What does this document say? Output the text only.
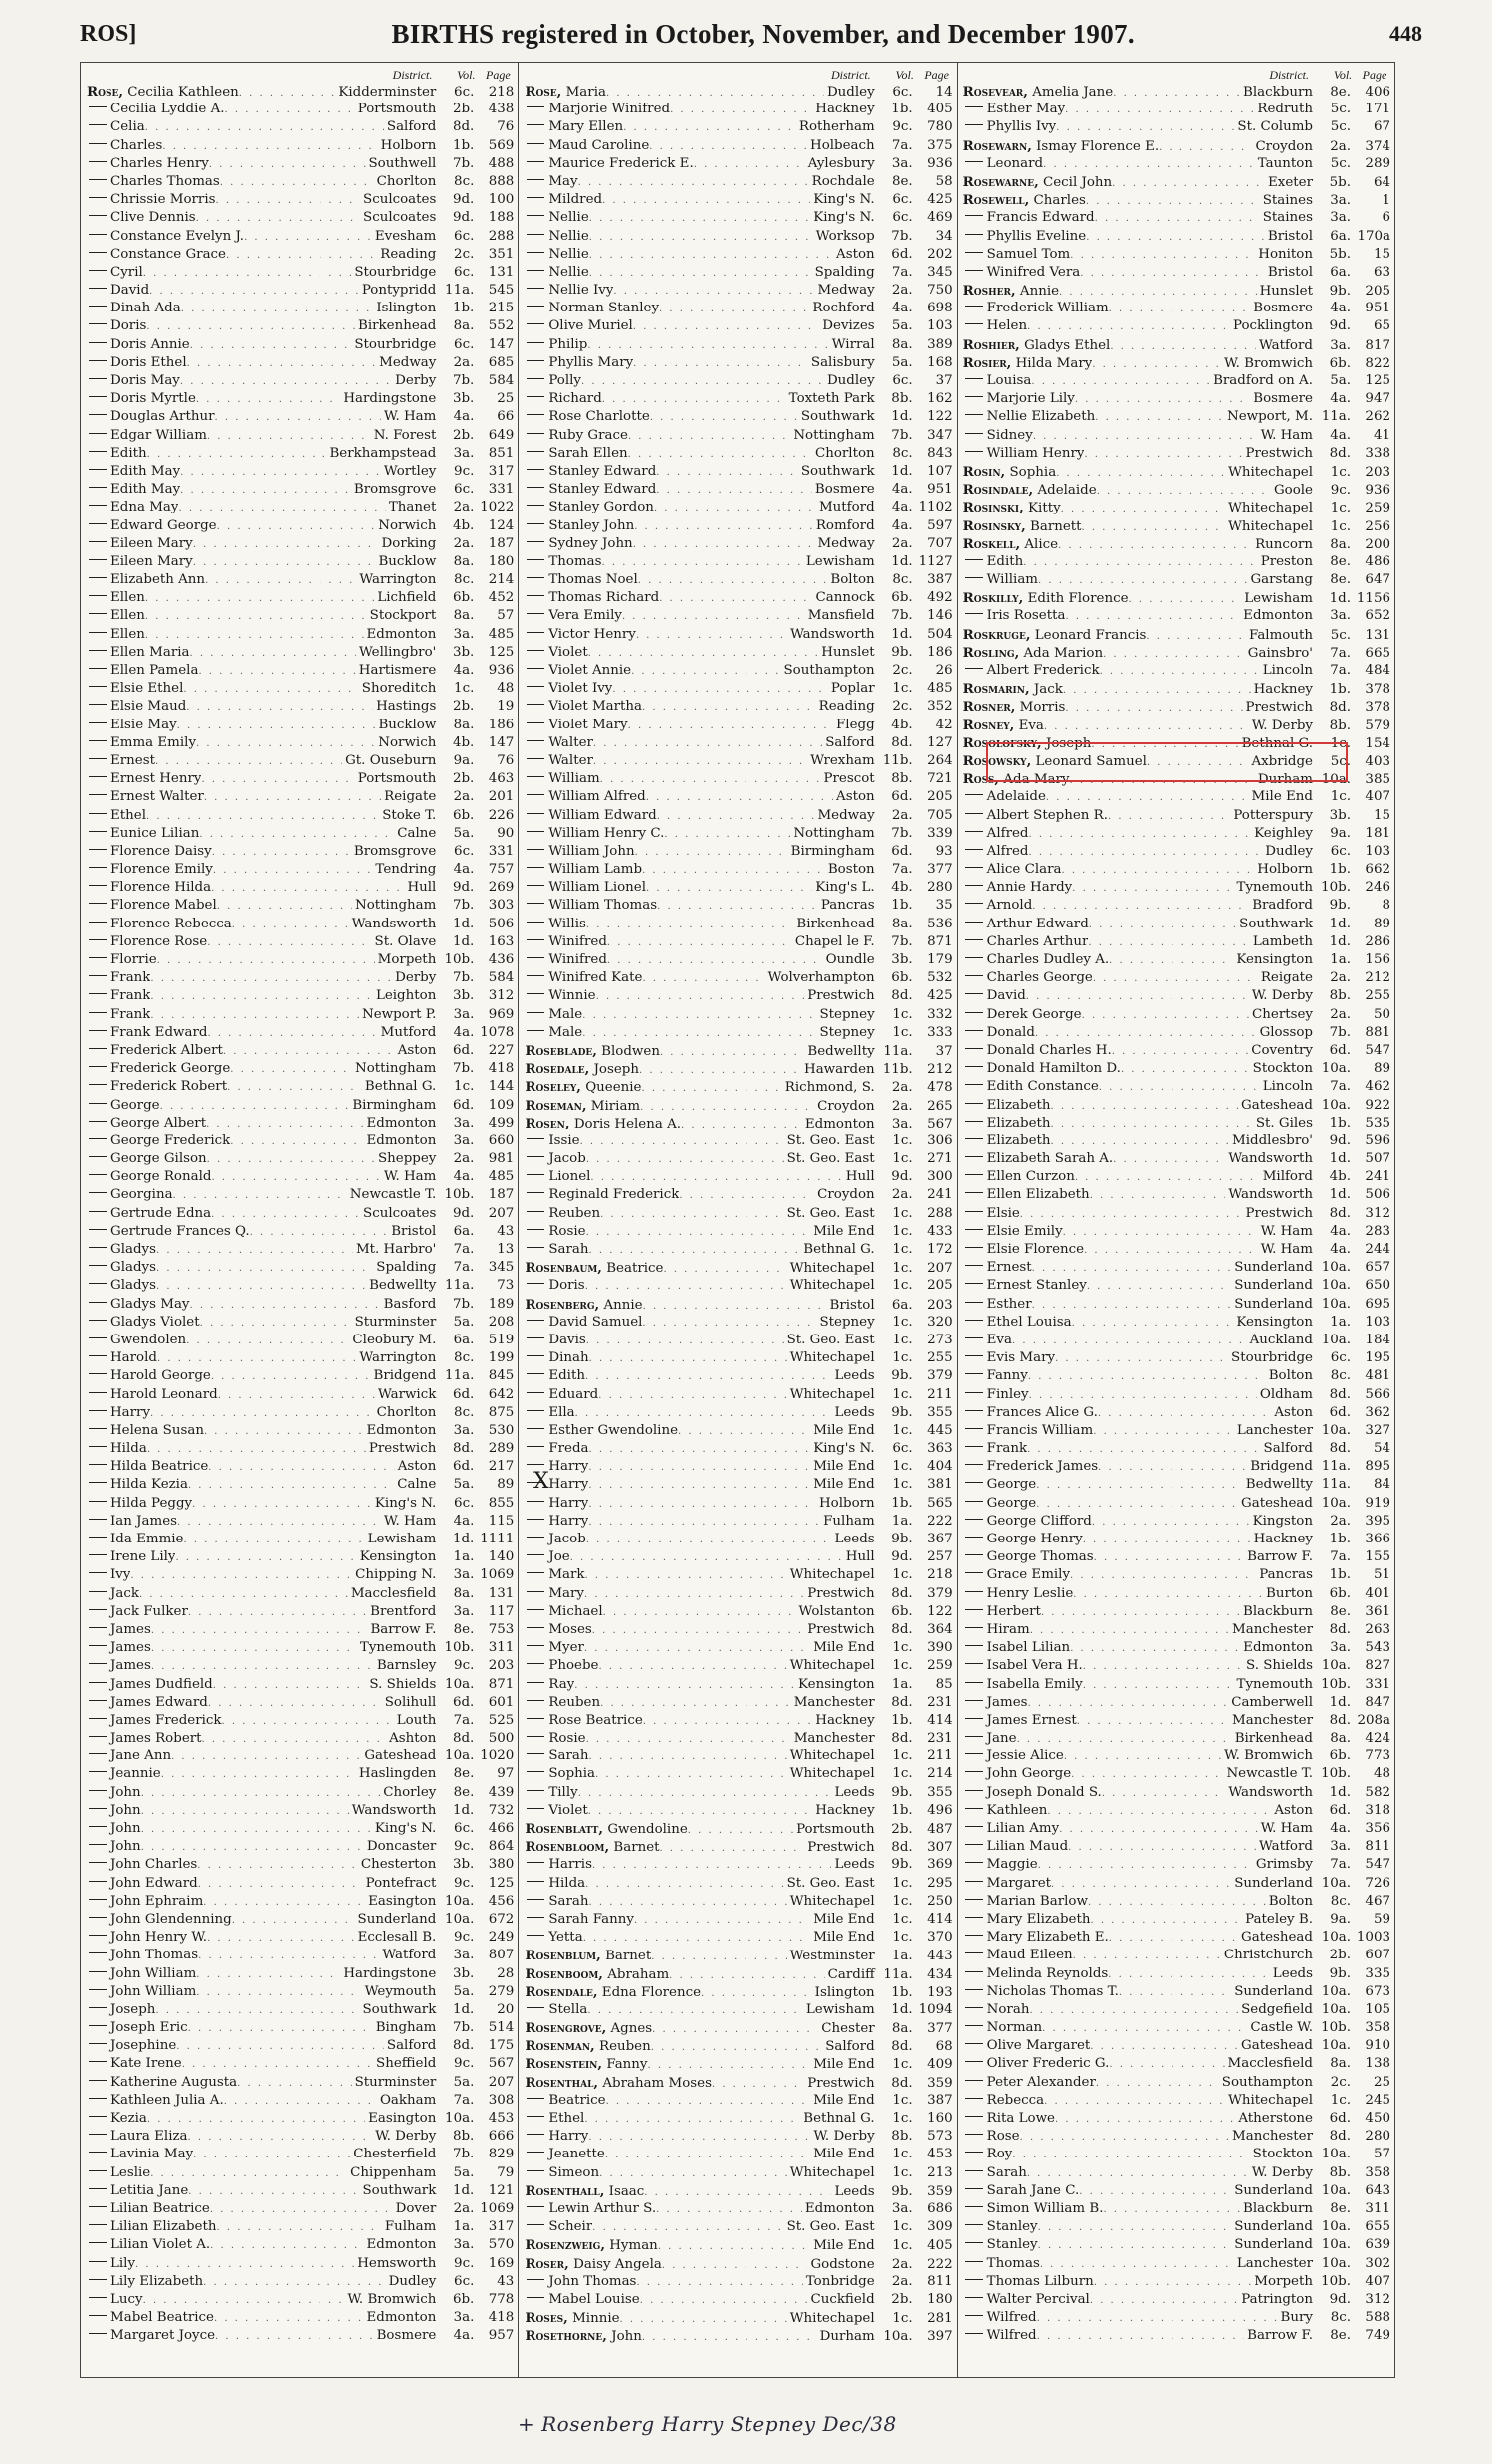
ROS]	BIRTHS registered in October, November, and December 1907.	448
District.	Vol. Page
Rose, Cecilia Kathleen . . .	Kidderminster	6c.	218
Cecilia Lyddie A. . . .	Portsmouth	2b.	438
Celia . . .	Salford	8d.	76
Charles . . .	Holborn	1b.	569
Charles Henry . . .	Southwell	7b.	488
Charles Thomas . . .	Chorlton	8c.	888
Chrissie Morris . . .	Sculcoates	9d.	100
Clive Dennis . . .	Sculcoates	9d.	188
Constance Evelyn J. . . .	Evesham	6c.	288
Constance Grace . . .	Reading	2c.	351
Cyril . . .	Stourbridge	6c.	131
David . . .	Pontypridd 11a.	545
Dinah Ada . . .	Islington	1b.	215
Doris . . .	Birkenhead	8a.	552
Doris Annie . . .	Stourbridge	6c.	147
Doris Ethel . . .	Medway	2a.	685
Doris May . . .	Derby	7b.	584
Doris Myrtle . . .	Hardingstone	3b.	25
Douglas Arthur . . .	W. Ham	4a.	66
Edgar William . . .	N. Forest	2b.	649
Edith . . .	Berkhampstead	3a.	851
Edith May . . .	Wortley	9c.	317
Edith May . . .	Bromsgrove	6c.	331
Edna May . . .	Thanet	2a. 1022
Edward George . . .	Norwich	4b.	124
Eileen Mary . . .	Dorking	2a.	187
Eileen Mary . . .	Bucklow	8a.	180
Elizabeth Ann . . .	Warrington	8c.	214
Ellen . . .	Lichfield	6b.	452
Ellen . . .	Stockport	8a.	57
Ellen . . .	Edmonton	3a.	485
Ellen Maria . . .	Wellingbro'	3b.	125
Ellen Pamela . . .	Hartismere	4a.	936
Elsie Ethel . . .	Shoreditch	1c.	48
Elsie Maud . . .	Hastings	2b.	19
Elsie May . . .	Bucklow	8a.	186
Emma Emily . . .	Norwich	4b.	147
Ernest . . .	Gt. Ouseburn	9a.	76
Ernest Henry . . .	Portsmouth	2b.	463
Ernest Walter . . .	Reigate	2a.	201
Ethel . . .	Stoke T.	6b.	226
Eunice Lilian . . .	Calne	5a.	90
Florence Daisy . . .	Bromsgrove	6c.	331
Florence Emily . . .	Tendring	4a.	757
Florence Hilda . . .	Hull	9d.	269
Florence Mabel . . .	Nottingham	7b.	303
Florence Rebecca . . .	Wandsworth	1d.	506
Florence Rose . . .	St. Olave	1d.	163
Florrie . . .	Morpeth 10b.	436
Frank . . .	Derby	7b.	584
Frank . . .	Leighton	3b.	312
Frank . . .	Newport P.	3a.	969
Frank Edward . . .	Mutford	4a. 1078
Frederick Albert . . .	Aston	6d.	227
Frederick George . . .	Nottingham	7b.	418
Frederick Robert . . .	Bethnal G.	1c.	144
George . . .	Birmingham	6d.	109
George Albert . . .	Edmonton	3a.	499
George Frederick . . .	Edmonton	3a.	660
George Gilson . . .	Sheppey	2a.	981
George Ronald . . .	W. Ham	4a.	485
Georgina . . .	Newcastle T. 10b.	187
Gertrude Edna . . .	Sculcoates	9d.	207
Gertrude Frances Q. . . .	Bristol	6a.	43
Gladys . . .	Mt. Harbro'	7a.	13
Gladys . . .	Spalding	7a.	345
Gladys . . .	Bedwellty 11a.	73
Gladys May . . .	Basford	7b.	189
Gladys Violet . . .	Sturminster	5a.	208
Gwendolen . . .	Cleobury M.	6a.	519
Harold . . .	Warrington	8c.	199
Harold George . . .	Bridgend 11a.	845
Harold Leonard . . .	Warwick	6d.	642
Harry . . .	Chorlton	8c.	875
Helena Susan . . .	Edmonton	3a.	530
Hilda . . .	Prestwich	8d.	289
Hilda Beatrice . . .	Aston	6d.	217
Hilda Kezia . . .	Calne	5a.	89
Hilda Peggy . . .	King's N.	6c.	855
Ian James . . .	W. Ham	4a.	115
Ida Emmie . . .	Lewisham	1d. 1111
Irene Lily . . .	Kensington	1a.	140
Ivy . . .	Chipping N.	3a. 1069
Jack . . .	Macclesfield	8a.	131
Jack Fulker . . .	Brentford	3a.	117
James . . .	Barrow F.	8e.	753
James . . .	Tynemouth 10b.	311
James . . .	Barnsley	9c.	203
James Dudfield . . .	S. Shields 10a.	871
James Edward . . .	Solihull	6d.	601
James Frederick . . .	Louth	7a.	525
James Robert . . .	Ashton	8d.	500
Jane Ann . . .	Gateshead 10a. 1020
Jeannie . . .	Haslingden	8e.	97
John . . .	Chorley	8e.	439
John . . .	Wandsworth	1d.	732
John . . .	King's N.	6c.	466
John . . .	Doncaster	9c.	864
John Charles . . .	Chesterton	3b.	380
John Edward . . .	Pontefract	9c.	125
John Ephraim . . .	Easington 10a.	456
John Glendenning . . .	Sunderland 10a.	672
John Henry W. . . .	Ecclesall B.	9c.	249
John Thomas . . .	Watford	3a.	807
John William . . .	Hardingstone	3b.	28
John William . . .	Weymouth	5a.	279
Joseph . . .	Southwark	1d.	20
Joseph Eric . . .	Bingham	7b.	514
Josephine . . .	Salford	8d.	175
Kate Irene . . .	Sheffield	9c.	567
Katherine Augusta . . .	Sturminster	5a.	207
Kathleen Julia A. . . .	Oakham	7a.	308
Kezia . . .	Easington 10a.	453
Laura Eliza . . .	W. Derby	8b.	666
Lavinia May . . .	Chesterfield	7b.	829
Leslie . . .	Chippenham	5a.	79
Letitia Jane . . .	Southwark	1d.	121
Lilian Beatrice . . .	Dover	2a. 1069
Lilian Elizabeth . . .	Fulham	1a.	317
Lilian Violet A. . . .	Edmonton	3a.	570
Lily . . .	Hemsworth	9c.	169
Lily Elizabeth . . .	Dudley	6c.	43
Lucy . . .	W. Bromwich	6b.	778
Mabel Beatrice . . .	Edmonton	3a.	418
Margaret Joyce . . .	Bosmere	4a.	957
District.	Vol. Page
Rose, Maria . . .	Dudley	6c.	14
Marjorie Winifred . . .	Hackney	1b.	405
Mary Ellen . . .	Rotherham	9c.	780
Maud Caroline . . .	Holbeach	7a.	375
Maurice Frederick E. . . .	Aylesbury	3a.	936
May . . .	Rochdale	8e.	58
Mildred . . .	King's N.	6c.	425
Nellie . . .	King's N.	6c.	469
Nellie . . .	Worksop	7b.	34
Nellie . . .	Aston	6d.	202
Nellie . . .	Spalding	7a.	345
Nellie Ivy . . .	Medway	2a.	750
Norman Stanley . . .	Rochford	4a.	698
Olive Muriel . . .	Devizes	5a.	103
Philip . . .	Wirral	8a.	389
Phyllis Mary . . .	Salisbury	5a.	168
Polly . . .	Dudley	6c.	37
Richard . . .	Toxteth Park	8b.	162
Rose Charlotte . . .	Southwark	1d.	122
Ruby Grace . . .	Nottingham	7b.	347
Sarah Ellen . . .	Chorlton	8c.	843
Stanley Edward . . .	Southwark	1d.	107
Stanley Edward . . .	Bosmere	4a.	951
Stanley Gordon . . .	Mutford	4a. 1102
Stanley John . . .	Romford	4a.	597
Sydney John . . .	Medway	2a.	707
Thomas . . .	Lewisham	1d. 1127
Thomas Noel . . .	Bolton	8c.	387
Thomas Richard . . .	Cannock	6b.	492
Vera Emily . . .	Mansfield	7b.	146
Victor Henry . . .	Wandsworth	1d.	504
Violet . . .	Hunslet	9b.	186
Violet Annie . . .	Southampton	2c.	26
Violet Ivy . . .	Poplar	1c.	485
Violet Martha . . .	Reading	2c.	352
Violet Mary . . .	Flegg	4b.	42
Walter . . .	Salford	8d.	127
Walter . . .	Wrexham 11b.	264
William . . .	Prescot	8b.	721
William Alfred . . .	Aston	6d.	205
William Edward . . .	Medway	2a.	705
William Henry C. . . .	Nottingham	7b.	339
William John . . .	Birmingham	6d.	93
William Lamb . . .	Boston	7a.	377
William Lionel . . .	King's L.	4b.	280
William Thomas . . .	Pancras	1b.	35
Willis . . .	Birkenhead	8a.	536
Winifred . . .	Chapel le F.	7b.	871
Winifred . . .	Oundle	3b.	179
Winifred Kate . . .	Wolverhampton	6b.	532
Winnie . . .	Prestwich	8d.	425
Male . . .	Stepney	1c.	332
Male . . .	Stepney	1c.	333
Roseblade, Blodwen . . .	Bedwellty 11a.	37
Rosedale, Joseph . . .	Hawarden 11b.	212
Roseley, Queenie . . .	Richmond, S.	2a.	478
Roseman, Miriam . . .	Croydon	2a.	265
Rosen, Doris Helena A. . . .	Edmonton	3a.	567
Issie . . .	St. Geo. East	1c.	306
Jacob . . .	St. Geo. East	1c.	271
Lionel . . .	Hull	9d.	300
Reginald Frederick . . .	Croydon	2a.	241
Reuben . . .	St. Geo. East	1c.	288
Rosie . . .	Mile End	1c.	433
Sarah . . .	Bethnal G.	1c.	172
Rosenbaum, Beatrice . . .	Whitechapel	1c.	207
Doris . . .	Whitechapel	1c.	205
Rosenberg, Annie . . .	Bristol	6a.	203
David Samuel . . .	Stepney	1c.	320
Davis . . .	St. Geo. East	1c.	273
Dinah . . .	Whitechapel	1c.	255
Edith . . .	Leeds	9b.	379
Eduard . . .	Whitechapel	1c.	211
Ella . . .	Leeds	9b.	355
Esther Gwendoline . . .	Mile End	1c.	445
Freda . . .	King's N.	6c.	363
Harry . . .	Mile End	1c.	404
Harry . . .	Mile End	1c.	381
Harry . . .	Holborn	1b.	565
Harry . . .	Fulham	1a.	222
Jacob . . .	Leeds	9b.	367
Joe . . .	Hull	9d.	257
Mark . . .	Whitechapel	1c.	218
Mary . . .	Prestwich	8d.	379
Michael . . .	Wolstanton	6b.	122
Moses . . .	Prestwich	8d.	364
Myer . . .	Mile End	1c.	390
Phoebe . . .	Whitechapel	1c.	259
Ray . . .	Kensington	1a.	85
Reuben . . .	Manchester	8d.	231
Rose Beatrice . . .	Hackney	1b.	414
Rosie . . .	Manchester	8d.	231
Sarah . . .	Whitechapel	1c.	211
Sophia . . .	Whitechapel	1c.	214
Tilly . . .	Leeds	9b.	355
Violet . . .	Hackney	1b.	496
Rosenblatt, Gwendoline . . .	Portsmouth	2b.	487
Rosenbloom, Barnet . . .	Prestwich	8d.	307
Harris . . .	Leeds	9b.	369
Hilda . . .	St. Geo. East	1c.	295
Sarah . . .	Whitechapel	1c.	250
Sarah Fanny . . .	Mile End	1c.	414
Yetta . . .	Mile End	1c.	370
Rosenblum, Barnet . . .	Westminster	1a.	443
Rosenboom, Abraham . . .	Cardiff 11a.	434
Rosendale, Edna Florence . . .	Islington	1b.	193
Stella . . .	Lewisham	1d. 1094
Rosengrove, Agnes . . .	Chester	8a.	377
Rosenman, Reuben . . .	Salford	8d.	68
Rosenstein, Fanny . . .	Mile End	1c.	409
Rosenthal, Abraham Moses . . .	Prestwich	8d.	359
Beatrice . . .	Mile End	1c.	387
Ethel . . .	Bethnal G.	1c.	160
Harry . . .	W. Derby	8b.	573
Jeanette . . .	Mile End	1c.	453
Simeon . . .	Whitechapel	1c.	213
Rosenthall, Isaac . . .	Leeds	9b.	359
Lewin Arthur S. . . .	Edmonton	3a.	686
Scheir . . .	St. Geo. East	1c.	309
Rosenzweig, Hyman . . .	Mile End	1c.	405
Roser, Daisy Angela . . .	Godstone	2a.	222
John Thomas . . .	Tonbridge	2a.	811
Mabel Louise . . .	Cuckfield	2b.	180
Roses, Minnie . . .	Whitechapel	1c.	281
Rosethorne, John . . .	Durham 10a.	397
District.	Vol. Page
Rosevear, Amelia Jane . . .	Blackburn	8e.	406
Esther May . . .	Redruth	5c.	171
Phyllis Ivy . . .	St. Columb	5c.	67
Rosewarn, Ismay Florence E. . . .	Croydon	2a.	374
Leonard . . .	Taunton	5c.	289
Rosewarne, Cecil John . . .	Exeter	5b.	64
Rosewell, Charles . . .	Staines	3a.	1
Francis Edward . . .	Staines	3a.	6
Phyllis Eveline . . .	Bristol	6a. 170a
Samuel Tom . . .	Honiton	5b.	15
Winifred Vera . . .	Bristol	6a.	63
Rosher, Annie . . .	Hunslet	9b.	205
Frederick William . . .	Bosmere	4a.	951
Helen . . .	Pocklington	9d.	65
Roshier, Gladys Ethel . . .	Watford	3a.	817
Rosier, Hilda Mary . . .	W. Bromwich	6b.	822
Louisa . . .	Bradford on A.	5a.	125
Marjorie Lily . . .	Bosmere	4a.	947
Nellie Elizabeth . . .	Newport, M. 11a.	262
Sidney . . .	W. Ham	4a.	41
William Henry . . .	Prestwich	8d.	338
Rosin, Sophia . . .	Whitechapel	1c.	203
Rosindale, Adelaide . . .	Goole	9c.	936
Rosinski, Kitty . . .	Whitechapel	1c.	259
Rosinsky, Barnett . . .	Whitechapel	1c.	256
Roskell, Alice . . .	Runcorn	8a.	200
Edith . . .	Preston	8e.	486
William . . .	Garstang	8e.	647
Roskilly, Edith Florence . . .	Lewisham	1d. 1156
Iris Rosetta . . .	Edmonton	3a.	652
Roskruge, Leonard Francis . . .	Falmouth	5c.	131
Rosling, Ada Marion . . .	Gainsbro'	7a.	665
Albert Frederick . . .	Lincoln	7a.	484
Rosmarin, Jack . . .	Hackney	1b.	378
Rosner, Morris . . .	Prestwich	8d.	378
Rosney, Eva . . .	W. Derby	8b.	579
Rosolofsky, Joseph . . .	Bethnal G.	1c.	154
Rosowsky, Leonard Samuel . . .	Axbridge	5c.	403
Ross, Ada Mary . . .	Durham 10a.	385
Adelaide . . .	Mile End	1c.	407
Albert Stephen R. . . .	Potterspury	3b.	15
Alfred . . .	Keighley	9a.	181
Alfred . . .	Dudley	6c.	103
Alice Clara . . .	Holborn	1b.	662
Annie Hardy . . .	Tynemouth 10b.	246
Arnold . . .	Bradford	9b.	8
Arthur Edward . . .	Southwark	1d.	89
Charles Arthur . . .	Lambeth	1d.	286
Charles Dudley A. . . .	Kensington	1a.	156
Charles George . . .	Reigate	2a.	212
David . . .	W. Derby	8b.	255
Derek George . . .	Chertsey	2a.	50
Donald . . .	Glossop	7b.	881
Donald Charles H. . . .	Coventry	6d.	547
Donald Hamilton D. . . .	Stockton 10a.	89
Edith Constance . . .	Lincoln	7a.	462
Elizabeth . . .	Gateshead 10a.	922
Elizabeth . . .	St. Giles	1b.	535
Elizabeth . . .	Middlesbro'	9d.	596
Elizabeth Sarah A. . . .	Wandsworth	1d.	507
Ellen Curzon . . .	Milford	4b.	241
Ellen Elizabeth . . .	Wandsworth	1d.	506
Elsie . . .	Prestwich	8d.	312
Elsie Emily . . .	W. Ham	4a.	283
Elsie Florence . . .	W. Ham	4a.	244
Ernest . . .	Sunderland 10a.	657
Ernest Stanley . . .	Sunderland 10a.	650
Esther . . .	Sunderland 10a.	695
Ethel Louisa . . .	Kensington	1a.	103
Eva . . .	Auckland 10a.	184
Evis Mary . . .	Stourbridge	6c.	195
Fanny . . .	Bolton	8c.	481
Finley . . .	Oldham	8d.	566
Frances Alice G. . . .	Aston	6d.	362
Francis William . . .	Lanchester 10a.	327
Frank . . .	Salford	8d.	54
Frederick James . . .	Bridgend 11a.	895
George . . .	Bedwellty 11a.	84
George . . .	Gateshead 10a.	919
George Clifford . . .	Kingston	2a.	395
George Henry . . .	Hackney	1b.	366
George Thomas . . .	Barrow F.	7a.	155
Grace Emily . . .	Pancras	1b.	51
Henry Leslie . . .	Burton	6b.	401
Herbert . . .	Blackburn	8e.	361
Hiram . . .	Manchester	8d.	263
Isabel Lilian . . .	Edmonton	3a.	543
Isabel Vera H. . . .	S. Shields 10a.	827
Isabella Emily . . .	Tynemouth 10b.	331
James . . .	Camberwell	1d.	847
James Ernest . . .	Manchester	8d. 208a
Jane . . .	Birkenhead	8a.	424
Jessie Alice . . .	W. Bromwich	6b.	773
John George . . .	Newcastle T. 10b.	48
Joseph Donald S. . . .	Wandsworth	1d.	582
Kathleen . . .	Aston	6d.	318
Lilian Amy . . .	W. Ham	4a.	356
Lilian Maud . . .	Watford	3a.	811
Maggie . . .	Grimsby	7a.	547
Margaret . . .	Sunderland 10a.	726
Marian Barlow . . .	Bolton	8c.	467
Mary Elizabeth . . .	Pateley B.	9a.	59
Mary Elizabeth E. . . .	Gateshead 10a. 1003
Maud Eileen . . .	Christchurch	2b.	607
Melinda Reynolds . . .	Leeds	9b.	335
Nicholas Thomas T. . . .	Sunderland 10a.	673
Norah . . .	Sedgefield 10a.	105
Norman . . .	Castle W. 10b.	358
Olive Margaret . . .	Gateshead 10a.	910
Oliver Frederic G. . . .	Macclesfield	8a.	138
Peter Alexander . . .	Southampton	2c.	25
Rebecca . . .	Whitechapel	1c.	245
Rita Lowe . . .	Atherstone	6d.	450
Rose . . .	Manchester	8d.	280
Roy . . .	Stockton 10a.	57
Sarah . . .	W. Derby	8b.	358
Sarah Jane C. . . .	Sunderland 10a.	643
Simon William B. . . .	Blackburn	8e.	311
Stanley . . .	Sunderland 10a.	655
Stanley . . .	Sunderland 10a.	639
Thomas . . .	Lanchester 10a.	302
Thomas Lilburn . . .	Morpeth 10b.	407
Walter Percival . . .	Patrington	9d.	312
Wilfred . . .	Bury	8c.	588
Wilfred . . .	Barrow F.	8e.	749
X
+ Rosenberg Harry Stepney Dec/38
